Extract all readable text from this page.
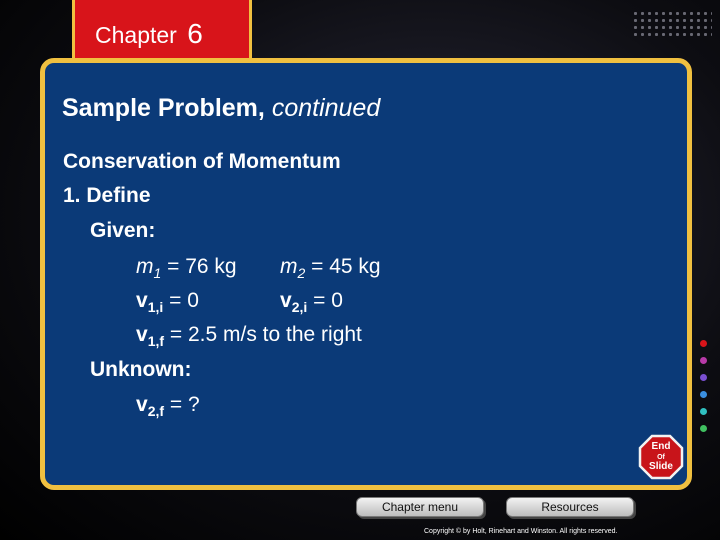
Chapter 6
Sample Problem, continued
Conservation of Momentum
1. Define
Given:
$m_1 = 76$ kg $m_2 = 45$ kg
$v_{1,i} = 0$	$v_{2,i} = 0$
$v_{1,f} = 2.5$ m/s to the right
Unknown:
$v_{2,f}$ = ?
End
Of
Slide
Chapter menu	Resources
Copyright © by Holt, Rinehart and Winston. All rights reserved.
